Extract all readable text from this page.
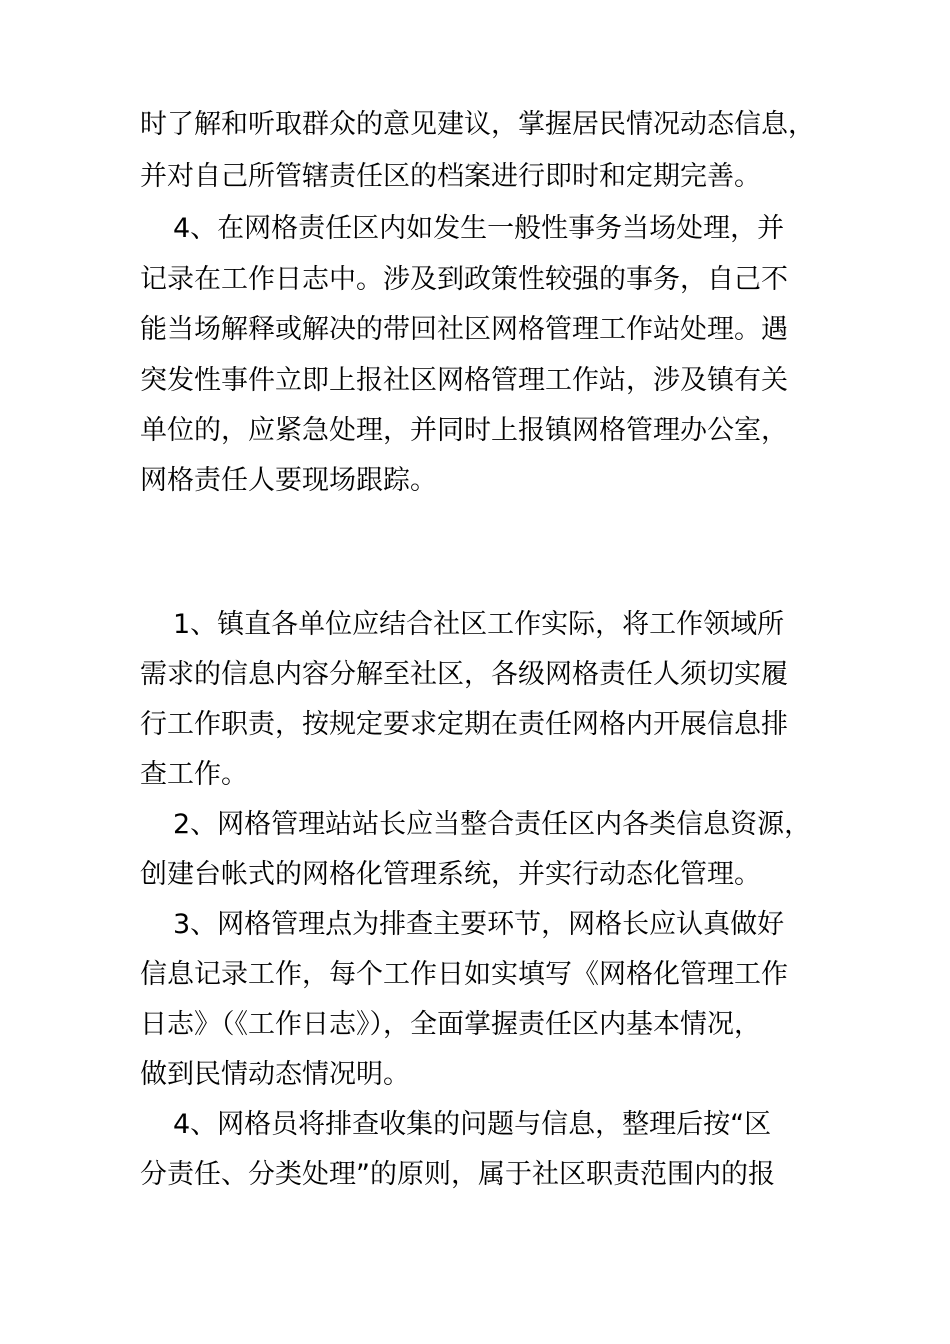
时了解和听取群众的意见建议，掌握居民情况动态信息，
并对自己所管辖责任区的档案进行即时和定期完善。
4、在网格责任区内如发生一般性事务当场处理，并
记录在工作日志中。涉及到政策性较强的事务，自己不
能当场解释或解决的带回社区网格管理工作站处理。遇
突发性事件立即上报社区网格管理工作站，涉及镇有关
单位的，应紧急处理，并同时上报镇网格管理办公室，
网格责任人要现场跟踪。
1、镇直各单位应结合社区工作实际，将工作领域所
需求的信息内容分解至社区，各级网格责任人须切实履
行工作职责，按规定要求定期在责任网格内开展信息排
查工作。
2、网格管理站站长应当整合责任区内各类信息资源，
创建台帐式的网格化管理系统，并实行动态化管理。
3、网格管理点为排查主要环节，网格长应认真做好
信息记录工作，每个工作日如实填写《网格化管理工作
日志》（《工作日志》），全面掌握责任区内基本情况，
做到民情动态情况明。
4、网格员将排查收集的问题与信息，整理后按“区
分责任、分类处理”的原则，属于社区职责范围内的报
